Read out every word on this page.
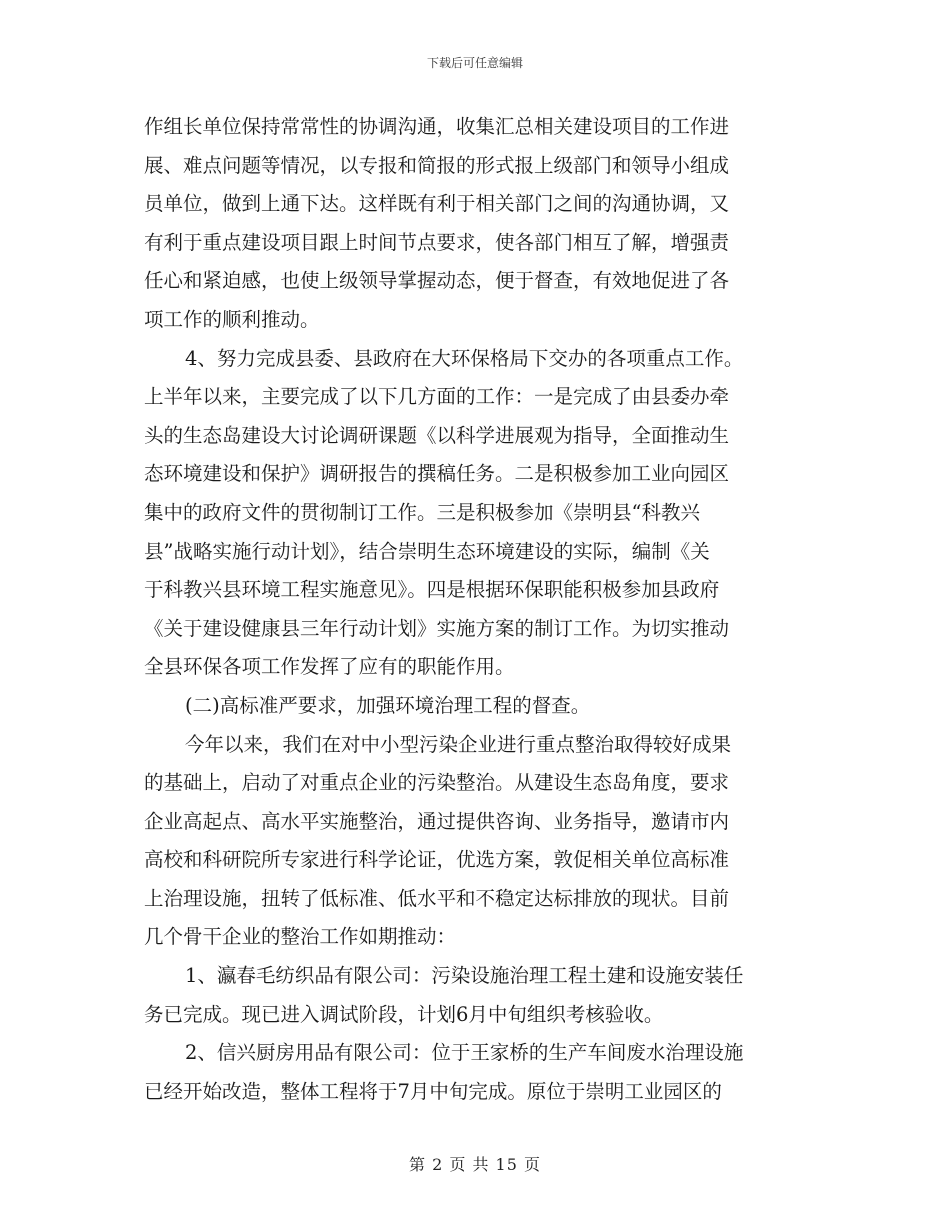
下载后可任意编辑
作组长单位保持常常性的协调沟通，收集汇总相关建设项目的工作进
展、难点问题等情况，以专报和简报的形式报上级部门和领导小组成
员单位，做到上通下达。这样既有利于相关部门之间的沟通协调，又
有利于重点建设项目跟上时间节点要求，使各部门相互了解，增强责
任心和紧迫感，也使上级领导掌握动态，便于督查，有效地促进了各
项工作的顺利推动。
4、努力完成县委、县政府在大环保格局下交办的各项重点工作。
上半年以来，主要完成了以下几方面的工作：一是完成了由县委办牵
头的生态岛建设大讨论调研课题《以科学进展观为指导，全面推动生
态环境建设和保护》调研报告的撰稿任务。二是积极参加工业向园区
集中的政府文件的贯彻制订工作。三是积极参加《崇明县“科教兴
县”战略实施行动计划》，结合崇明生态环境建设的实际，编制《关
于科教兴县环境工程实施意见》。四是根据环保职能积极参加县政府
《关于建设健康县三年行动计划》实施方案的制订工作。为切实推动
全县环保各项工作发挥了应有的职能作用。
(二)高标准严要求，加强环境治理工程的督查。
今年以来，我们在对中小型污染企业进行重点整治取得较好成果
的基础上，启动了对重点企业的污染整治。从建设生态岛角度，要求
企业高起点、高水平实施整治，通过提供咨询、业务指导，邀请市内
高校和科研院所专家进行科学论证，优选方案，敦促相关单位高标准
上治理设施，扭转了低标准、低水平和不稳定达标排放的现状。目前
几个骨干企业的整治工作如期推动：
1、瀛春毛纺织品有限公司：污染设施治理工程土建和设施安装任
务已完成。现已进入调试阶段，计划6月中旬组织考核验收。
2、信兴厨房用品有限公司：位于王家桥的生产车间废水治理设施
已经开始改造，整体工程将于7月中旬完成。原位于崇明工业园区的
第 2 页 共 15 页
